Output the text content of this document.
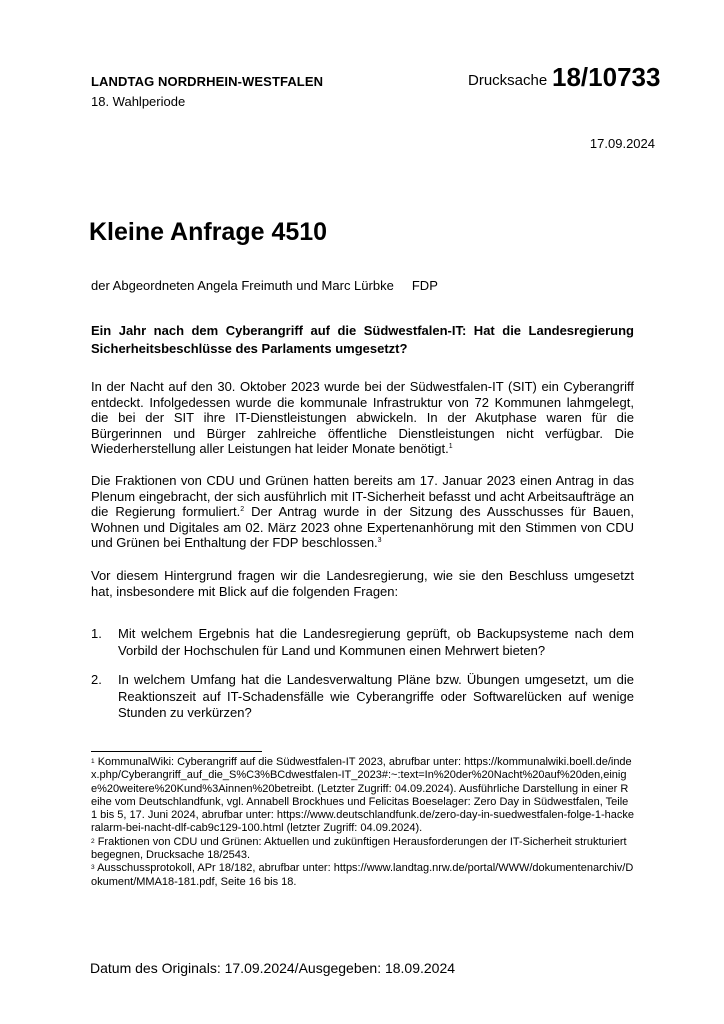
LANDTAG NORDRHEIN-WESTFALEN
18. Wahlperiode
Drucksache 18/10733
17.09.2024
Kleine Anfrage 4510
der Abgeordneten Angela Freimuth und Marc Lürbke     FDP
Ein Jahr nach dem Cyberangriff auf die Südwestfalen-IT: Hat die Landesregierung Sicherheitsbeschlüsse des Parlaments umgesetzt?
In der Nacht auf den 30. Oktober 2023 wurde bei der Südwestfalen-IT (SIT) ein Cyberangriff entdeckt. Infolgedessen wurde die kommunale Infrastruktur von 72 Kommunen lahmgelegt, die bei der SIT ihre IT-Dienstleistungen abwickeln. In der Akutphase waren für die Bürgerinnen und Bürger zahlreiche öffentliche Dienstleistungen nicht verfügbar. Die Wiederherstellung aller Leistungen hat leider Monate benötigt.$^1$
Die Fraktionen von CDU und Grünen hatten bereits am 17. Januar 2023 einen Antrag in das Plenum eingebracht, der sich ausführlich mit IT-Sicherheit befasst und acht Arbeitsaufträge an die Regierung formuliert.$^2$ Der Antrag wurde in der Sitzung des Ausschusses für Bauen, Wohnen und Digitales am 02. März 2023 ohne Expertenanhörung mit den Stimmen von CDU und Grünen bei Enthaltung der FDP beschlossen.$^3$
Vor diesem Hintergrund fragen wir die Landesregierung, wie sie den Beschluss umgesetzt hat, insbesondere mit Blick auf die folgenden Fragen:
1. Mit welchem Ergebnis hat die Landesregierung geprüft, ob Backupsysteme nach dem Vorbild der Hochschulen für Land und Kommunen einen Mehrwert bieten?
2. In welchem Umfang hat die Landesverwaltung Pläne bzw. Übungen umgesetzt, um die Reaktionszeit auf IT-Schadensfälle wie Cyberangriffe oder Softwarelücken auf wenige Stunden zu verkürzen?
$^1$ KommunalWiki: Cyberangriff auf die Südwestfalen-IT 2023, abrufbar unter: https://kommunalwiki.boell.de/index.php/Cyberangriff_auf_die_S%C3%BCdwestfalen-IT_2023#:~:text=In%20der%20Nacht%20auf%20den,einige%20weitere%20Kund%3Ainnen%20betreibt. (Letzter Zugriff: 04.09.2024). Ausführliche Darstellung in einer Reihe vom Deutschlandfunk, vgl. Annabell Brockhues und Felicitas Boeselager: Zero Day in Südwestfalen, Teile 1 bis 5, 17. Juni 2024, abrufbar unter: https://www.deutschlandfunk.de/zero-day-in-suedwestfalen-folge-1-hackeralarm-bei-nacht-dlf-cab9c129-100.html (letzter Zugriff: 04.09.2024).
$^2$ Fraktionen von CDU und Grünen: Aktuellen und zukünftigen Herausforderungen der IT-Sicherheit strukturiert begegnen, Drucksache 18/2543.
$^3$ Ausschussprotokoll, APr 18/182, abrufbar unter: https://www.landtag.nrw.de/portal/WWW/dokumentenarchiv/Dokument/MMA18-181.pdf, Seite 16 bis 18.
Datum des Originals: 17.09.2024/Ausgegeben: 18.09.2024
